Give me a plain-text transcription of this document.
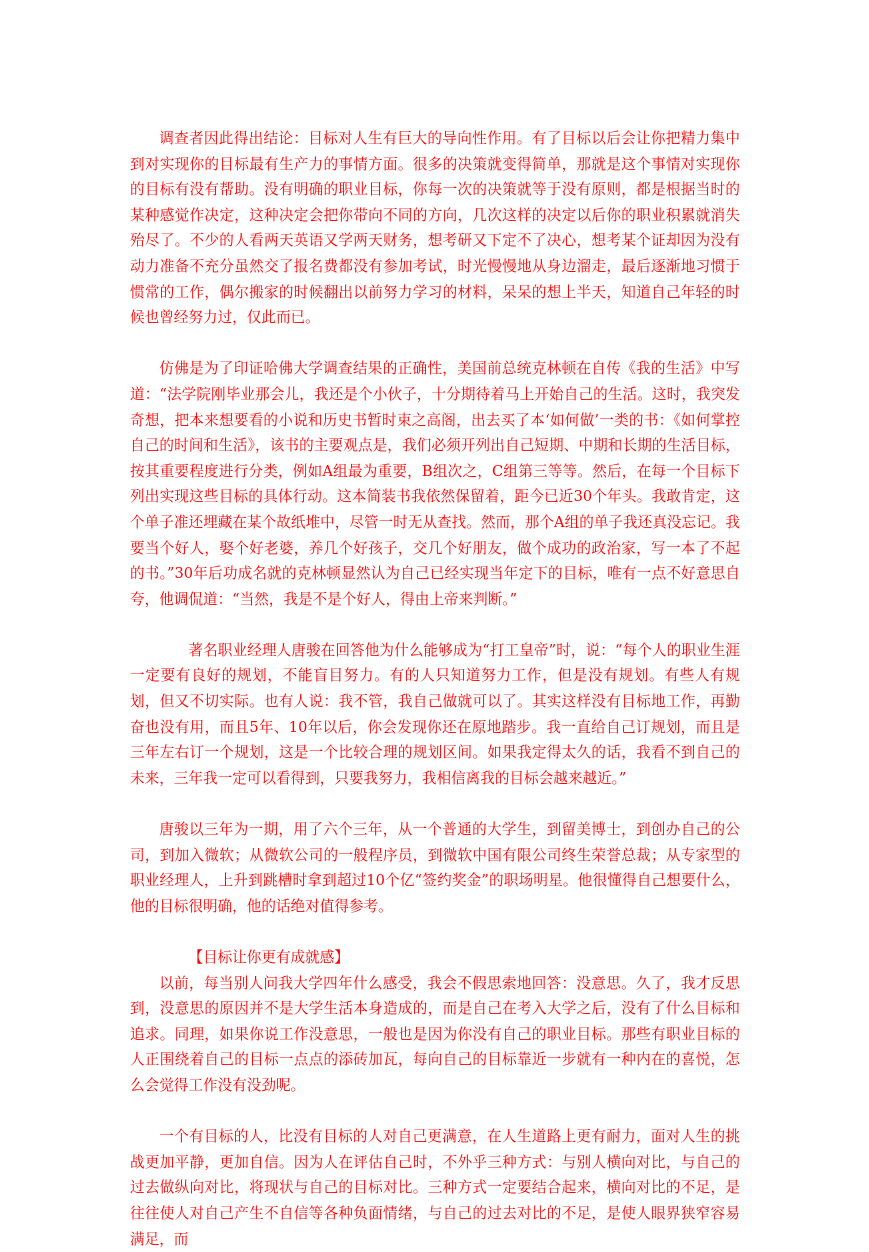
调查者因此得出结论：目标对人生有巨大的导向性作用。有了目标以后会让你把精力集中到对实现你的目标最有生产力的事情方面。很多的决策就变得简单，那就是这个事情对实现你的目标有没有帮助。没有明确的职业目标，你每一次的决策就等于没有原则，都是根据当时的某种感觉作决定，这种决定会把你带向不同的方向，几次这样的决定以后你的职业积累就消失殆尽了。不少的人看两天英语又学两天财务，想考研又下定不了决心，想考某个证却因为没有动力准备不充分虽然交了报名费都没有参加考试，时光慢慢地从身边溜走，最后逐渐地习惯于惯常的工作，偶尔搬家的时候翻出以前努力学习的材料，呆呆的想上半天，知道自己年轻的时候也曾经努力过，仅此而已。

仿佛是为了印证哈佛大学调查结果的正确性，美国前总统克林顿在自传《我的生活》中写道：“法学院刚毕业那会儿，我还是个小伙子，十分期待着马上开始自己的生活。这时，我突发奇想，把本来想要看的小说和历史书暂时束之高阁，出去买了本‘如何做’一类的书：《如何掌控自己的时间和生活》，该书的主要观点是，我们必须开列出自己短期、中期和长期的生活目标，按其重要程度进行分类，例如A组最为重要，B组次之，C组第三等等。然后，在每一个目标下列出实现这些目标的具体行动。这本简装书我依然保留着，距今已近30个年头。我敢肯定，这个单子准还埋藏在某个故纸堆中，尽管一时无从查找。然而，那个A组的单子我还真没忘记。我要当个好人，娶个好老婆，养几个好孩子，交几个好朋友，做个成功的政治家，写一本了不起的书。”30年后功成名就的克林顿显然认为自己已经实现当年定下的目标，唯有一点不好意思自夸，他调侃道：“当然，我是不是个好人，得由上帝来判断。”

著名职业经理人唐骏在回答他为什么能够成为“打工皇帝”时，说：“每个人的职业生涯一定要有良好的规划，不能盲目努力。有的人只知道努力工作，但是没有规划。有些人有规划，但又不切实际。也有人说：我不管，我自己做就可以了。其实这样没有目标地工作，再勤奋也没有用，而且5年、10年以后，你会发现你还在原地踏步。我一直给自己订规划，而且是三年左右订一个规划，这是一个比较合理的规划区间。如果我定得太久的话，我看不到自己的未来，三年我一定可以看得到，只要我努力，我相信离我的目标会越来越近。”

唐骏以三年为一期，用了六个三年，从一个普通的大学生，到留美博士，到创办自己的公司，到加入微软；从微软公司的一般程序员，到微软中国有限公司终生荣誉总裁；从专家型的职业经理人，上升到跳槽时拿到超过10个亿“签约奖金”的职场明星。他很懂得自己想要什么，他的目标很明确，他的话绝对值得参考。

【目标让你更有成就感】

以前，每当别人问我大学四年什么感受，我会不假思索地回答：没意思。久了，我才反思到，没意思的原因并不是大学生活本身造成的，而是自己在考入大学之后，没有了什么目标和追求。同理，如果你说工作没意思，一般也是因为你没有自己的职业目标。那些有职业目标的人正围绕着自己的目标一点点的添砖加瓦，每向自己的目标靠近一步就有一种内在的喜悦，怎么会觉得工作没有没劲呢。

一个有目标的人，比没有目标的人对自己更满意，在人生道路上更有耐力，面对人生的挑战更加平静，更加自信。因为人在评估自己时，不外乎三种方式：与别人横向对比，与自己的过去做纵向对比，将现状与自己的目标对比。三种方式一定要结合起来，横向对比的不足，是往往使人对自己产生不自信等各种负面情绪，与自己的过去对比的不足，是使人眼界狭窄容易满足，而
